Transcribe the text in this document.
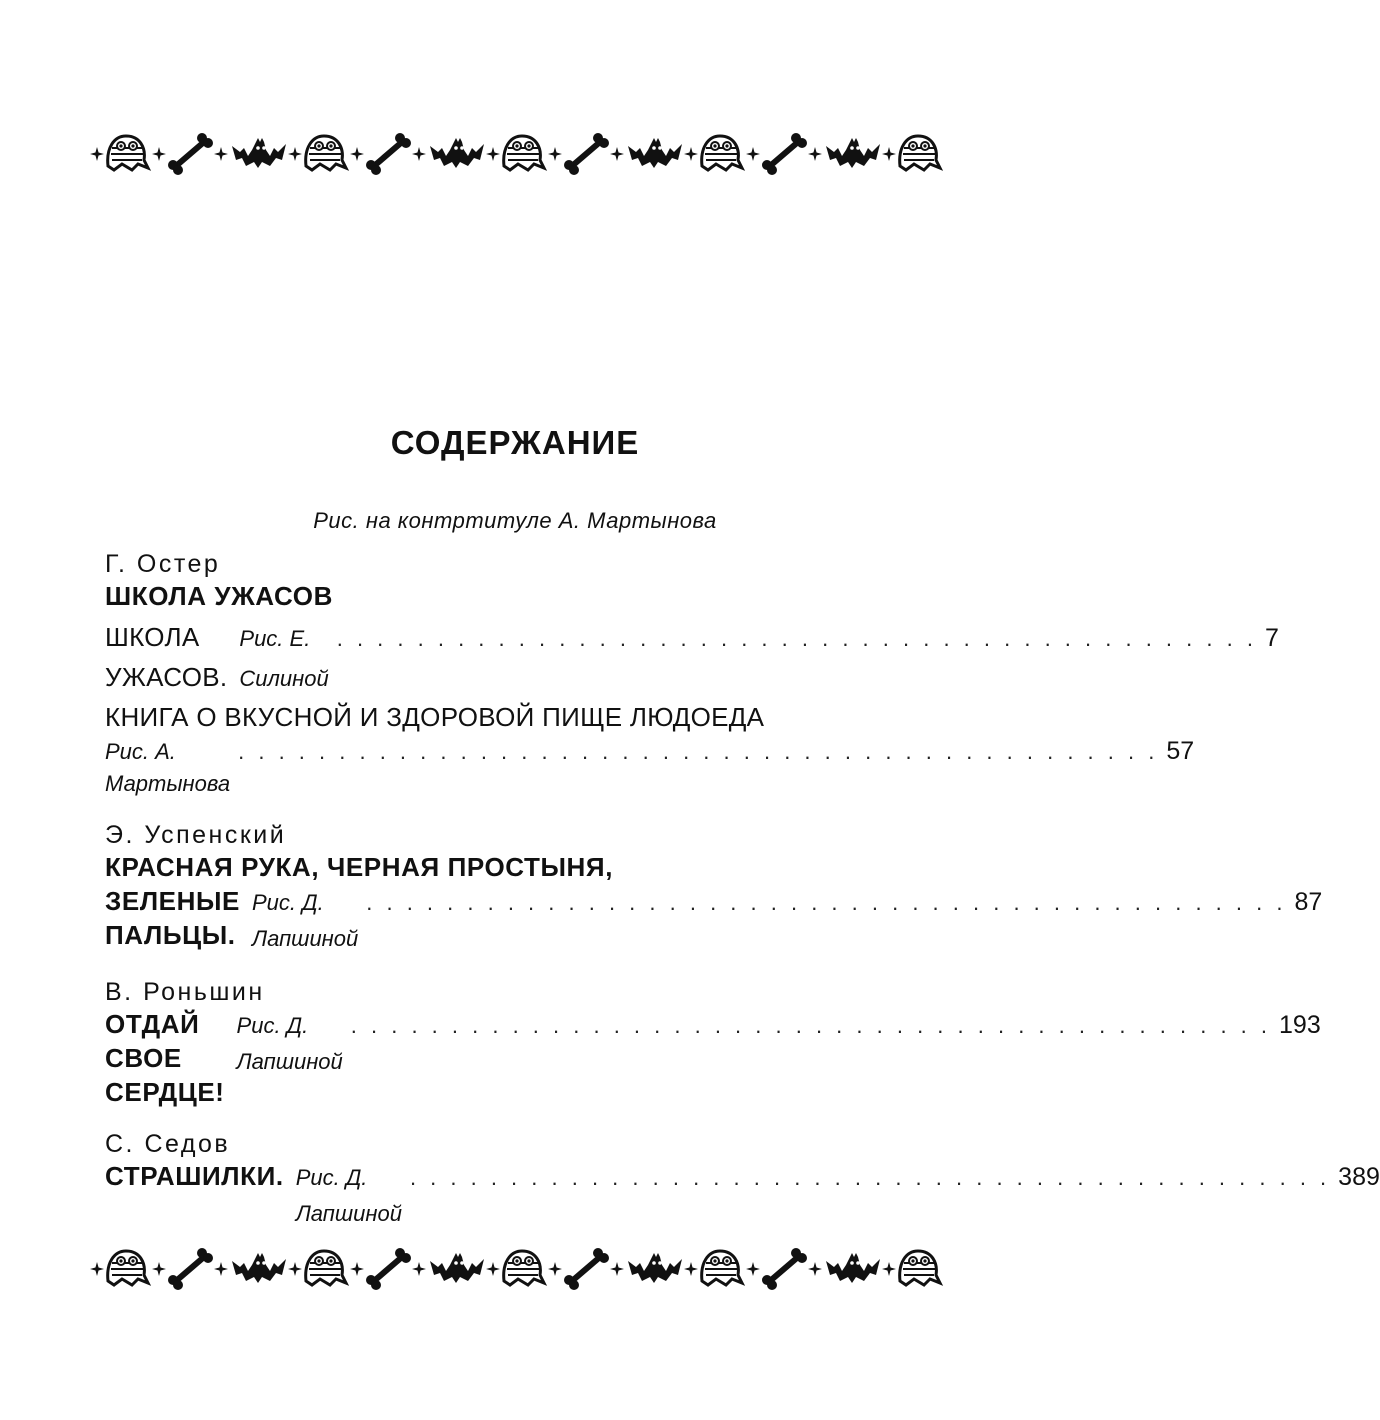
СОДЕРЖАНИЕ
Рис. на контртитуле А. Мартынова
Г. Остер
ШКОЛА УЖАСОВ
ШКОЛА УЖАСОВ.
Рис. Е. Силиной
. . . . . . . . . . . . . . . . . . . . . . . . . . . . . . . . . . . . . . . . . . . . . . 7
КНИГА О ВКУСНОЙ И ЗДОРОВОЙ ПИЩЕ ЛЮДОЕДА
Рис. А. Мартынова
. . . . . . . . . . . . . . . . . . . . . . . . . . . . . . . . . . . . . . . . . . . . . . 57
Э. Успенский
КРАСНАЯ РУКА, ЧЕРНАЯ ПРОСТЫНЯ,
ЗЕЛЕНЫЕ ПАЛЬЦЫ.
Рис. Д. Лапшиной
. . . . . . . . . . . . . . . . . . . . . . . . . . . . . . . . . . . . . . . . . . . . . . 87
В. Роньшин
ОТДАЙ СВОЕ СЕРДЦЕ!
Рис. Д. Лапшиной
. . . . . . . . . . . . . . . . . . . . . . . . . . . . . . . . . . . . . . . . . . . . . . 193
С. Седов
СТРАШИЛКИ. Рис. Д. Лапшиной
. . . . . . . . . . . . . . . . . . . . . . . . . . . . . . . . . . . . . . . . . . . . . . 389
